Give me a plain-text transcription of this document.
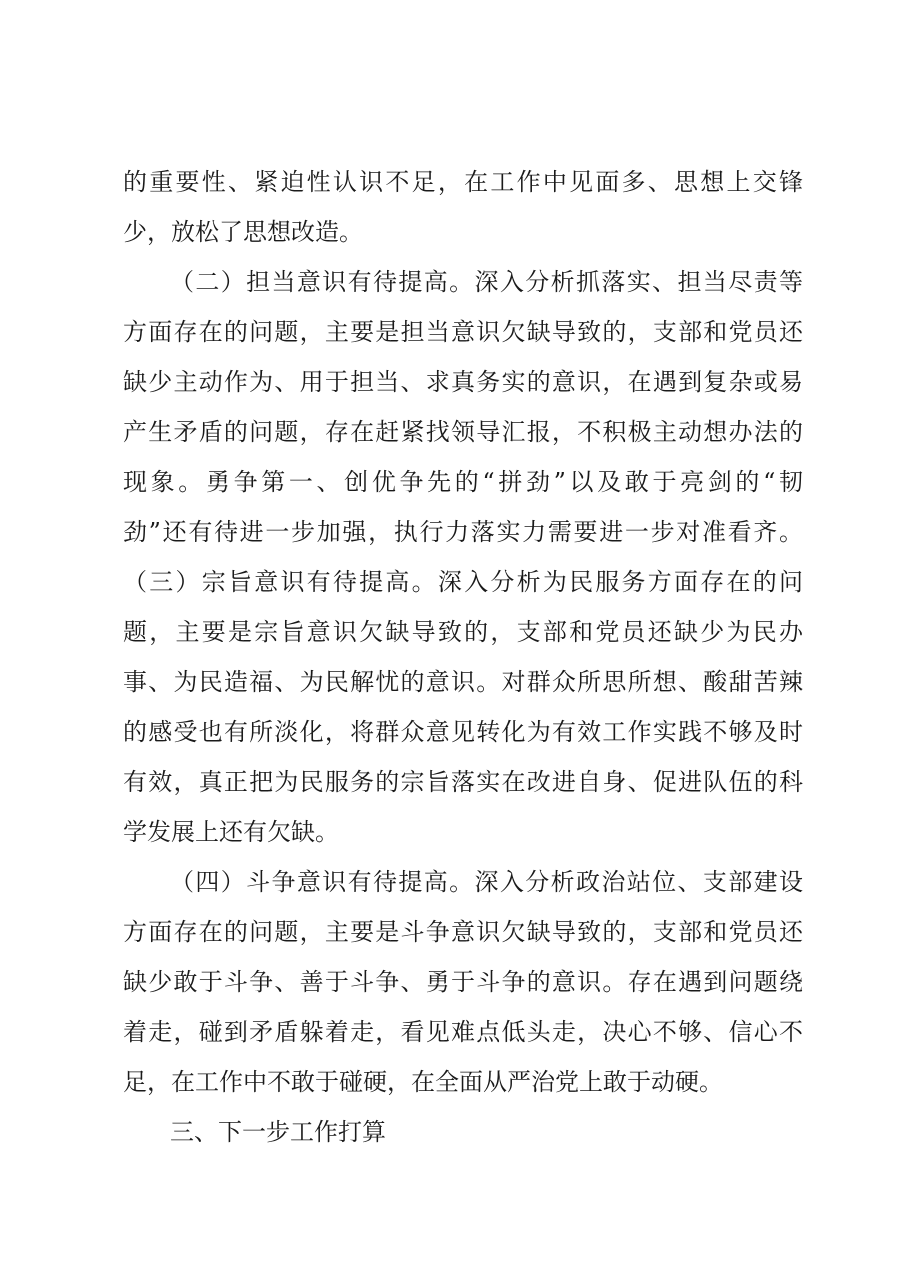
的重要性、紧迫性认识不足，在工作中见面多、思想上交锋
少，放松了思想改造。
（二）担当意识有待提高。深入分析抓落实、担当尽责等
方面存在的问题，主要是担当意识欠缺导致的，支部和党员还
缺少主动作为、用于担当、求真务实的意识，在遇到复杂或易
产生矛盾的问题，存在赶紧找领导汇报，不积极主动想办法的
现象。勇争第一、创优争先的“拼劲”以及敢于亮剑的“韧
劲”还有待进一步加强，执行力落实力需要进一步对准看齐。
（三）宗旨意识有待提高。深入分析为民服务方面存在的问
题，主要是宗旨意识欠缺导致的，支部和党员还缺少为民办
事、为民造福、为民解忧的意识。对群众所思所想、酸甜苦辣
的感受也有所淡化，将群众意见转化为有效工作实践不够及时
有效，真正把为民服务的宗旨落实在改进自身、促进队伍的科
学发展上还有欠缺。
（四）斗争意识有待提高。深入分析政治站位、支部建设
方面存在的问题，主要是斗争意识欠缺导致的，支部和党员还
缺少敢于斗争、善于斗争、勇于斗争的意识。存在遇到问题绕
着走，碰到矛盾躲着走，看见难点低头走，决心不够、信心不
足，在工作中不敢于碰硬，在全面从严治党上敢于动硬。
三、下一步工作打算
